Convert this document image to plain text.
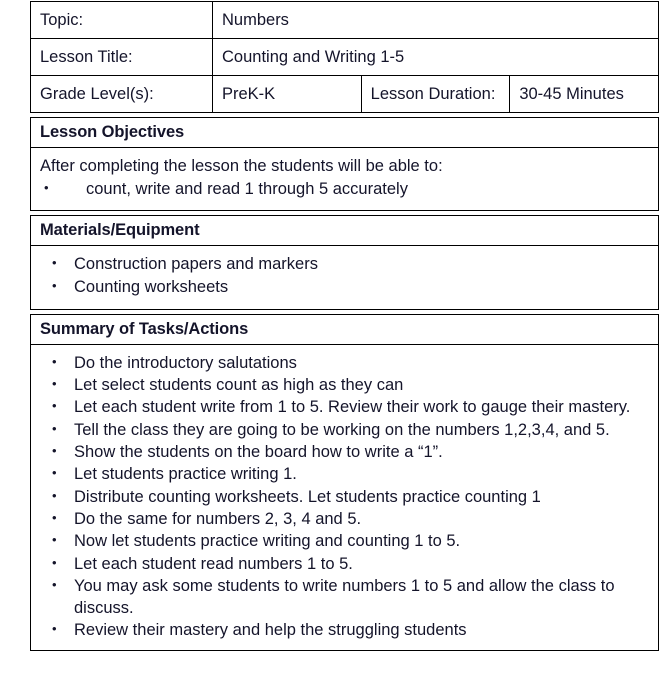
Topic:	Numbers		
Lesson Title:	Counting and Writing 1-5		
Grade Level(s):	PreK-K	Lesson Duration:	30-45 Minutes
Lesson Objectives

After completing the lesson the students will be able to:

• count, write and read 1 through 5 accurately
Materials/Equipment

• Construction papers and markers
• Counting worksheets
Summary of Tasks/Actions

• Do the introductory salutations
• Let select students count as high as they can
• Let each student write from 1 to 5. Review their work to gauge their mastery.
• Tell the class they are going to be working on the numbers 1,2,3,4, and 5.
• Show the students on the board how to write a “1”.
• Let students practice writing 1.
• Distribute counting worksheets. Let students practice counting 1
• Do the same for numbers 2, 3, 4 and 5.
• Now let students practice writing and counting 1 to 5.
• Let each student read numbers 1 to 5.
• You may ask some students to write numbers 1 to 5 and allow the class to discuss.
• Review their mastery and help the struggling students
